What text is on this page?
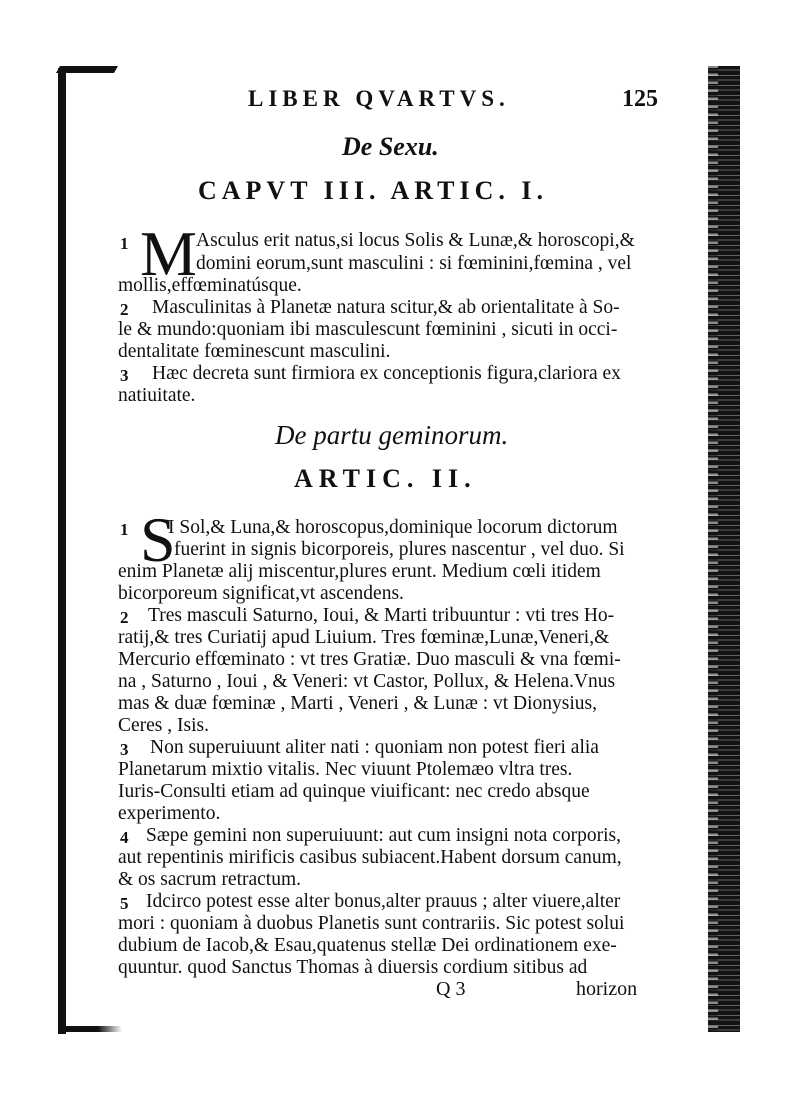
LIBER QVARTVS.	125
De Sexu.
CAPVT III. ARTIC. I.
M
1	Asculus erit natus,si locus Solis & Lunæ,& horoscopi,&
domini eorum,sunt masculini : si fœminini,fœmina , vel
mollis,effœminatúsque.
2 Masculinitas à Planetæ natura scitur,& ab orientalitate à So-
le & mundo:quoniam ibi masculescunt fœminini , sicuti in occi-
dentalitate fœminescunt masculini.
3 Hæc decreta sunt firmiora ex conceptionis figura,clariora ex
natiuitate.
De partu geminorum.
ARTIC. II.
S
1 I Sol,& Luna,& horoscopus,dominique locorum dictorum
fuerint in signis bicorporeis, plures nascentur , vel duo. Si
enim Planetæ alij miscentur,plures erunt. Medium cœli itidem
bicorporeum significat,vt ascendens.
2 Tres masculi Saturno, Ioui, & Marti tribuuntur : vti tres Ho-
ratij,& tres Curiatij apud Liuium. Tres fœminæ,Lunæ,Veneri,&
Mercurio effœminato : vt tres Gratiæ. Duo masculi & vna fœmi-
na , Saturno , Ioui , & Veneri: vt Castor, Pollux, & Helena.Vnus
mas & duæ fœminæ , Marti , Veneri , & Lunæ : vt Dionysius,
Ceres , Isis.
3 Non superuiuunt aliter nati : quoniam non potest fieri alia
Planetarum mixtio vitalis. Nec viuunt Ptolemæo vltra tres.
Iuris-Consulti etiam ad quinque viuificant: nec credo absque
experimento.
4 Sæpe gemini non superuiuunt: aut cum insigni nota corporis,
aut repentinis mirificis casibus subiacent.Habent dorsum canum,
& os sacrum retractum.
5 Idcirco potest esse alter bonus,alter prauus ; alter viuere,alter
mori : quoniam à duobus Planetis sunt contrariis. Sic potest solui
dubium de Iacob,& Esau,quatenus stellæ Dei ordinationem exe-
quuntur. quod Sanctus Thomas à diuersis cordium sitibus ad
Q 3	horizon
